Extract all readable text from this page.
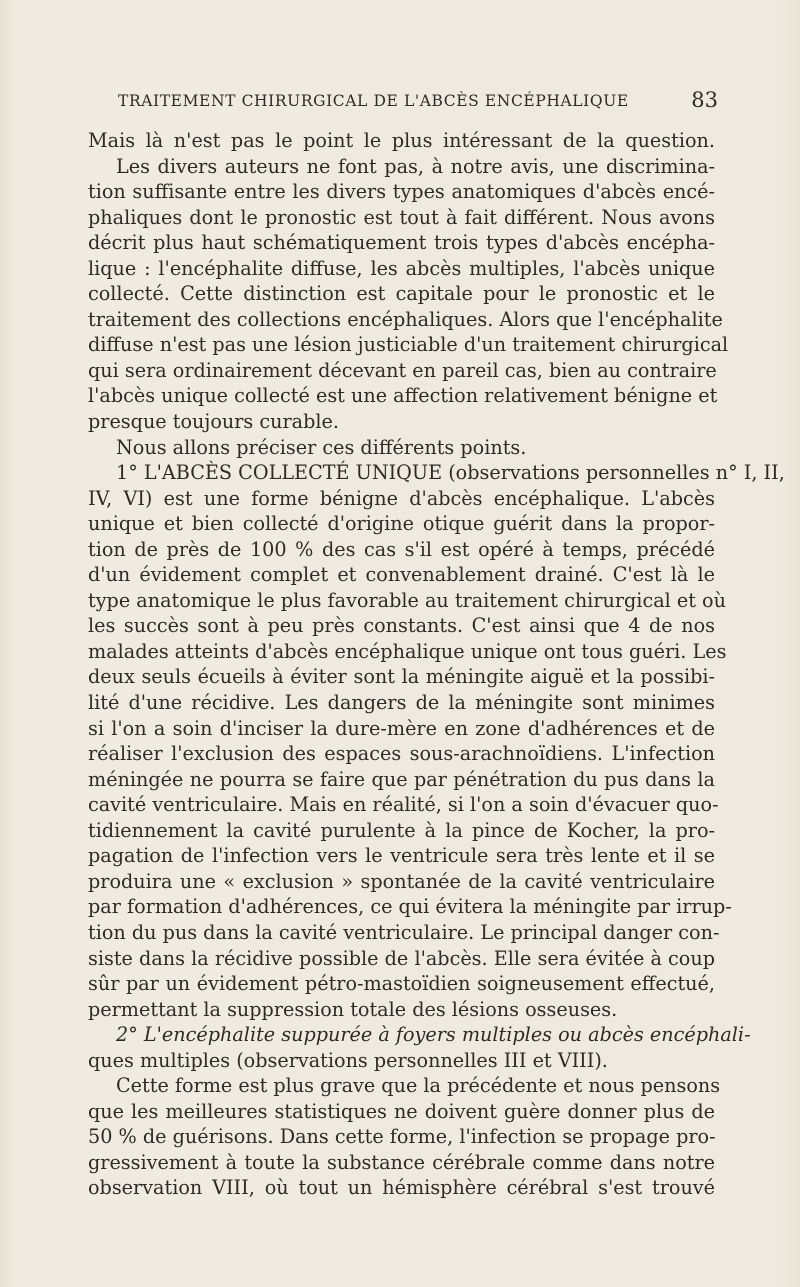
TRAITEMENT CHIRURGICAL DE L'ABCÈS ENCÉPHALIQUE	83
Mais là n'est pas le point le plus intéressant de la question.
Les divers auteurs ne font pas, à notre avis, une discrimina-
tion suffisante entre les divers types anatomiques d'abcès encé-
phaliques dont le pronostic est tout à fait différent. Nous avons
décrit plus haut schématiquement trois types d'abcès encépha-
lique : l'encéphalite diffuse, les abcès multiples, l'abcès unique
collecté. Cette distinction est capitale pour le pronostic et le
traitement des collections encéphaliques. Alors que l'encéphalite
diffuse n'est pas une lésion justiciable d'un traitement chirurgical
qui sera ordinairement décevant en pareil cas, bien au contraire
l'abcès unique collecté est une affection relativement bénigne et
presque toujours curable.
Nous allons préciser ces différents points.
1° L'ABCÈS COLLECTÉ UNIQUE (observations personnelles n° I, II,
IV, VI) est une forme bénigne d'abcès encéphalique. L'abcès
unique et bien collecté d'origine otique guérit dans la propor-
tion de près de 100 % des cas s'il est opéré à temps, précédé
d'un évidement complet et convenablement drainé. C'est là le
type anatomique le plus favorable au traitement chirurgical et où
les succès sont à peu près constants. C'est ainsi que 4 de nos
malades atteints d'abcès encéphalique unique ont tous guéri. Les
deux seuls écueils à éviter sont la méningite aiguë et la possibi-
lité d'une récidive. Les dangers de la méningite sont minimes
si l'on a soin d'inciser la dure-mère en zone d'adhérences et de
réaliser l'exclusion des espaces sous-arachnoïdiens. L'infection
méningée ne pourra se faire que par pénétration du pus dans la
cavité ventriculaire. Mais en réalité, si l'on a soin d'évacuer quo-
tidiennement la cavité purulente à la pince de Kocher, la pro-
pagation de l'infection vers le ventricule sera très lente et il se
produira une « exclusion » spontanée de la cavité ventriculaire
par formation d'adhérences, ce qui évitera la méningite par irrup-
tion du pus dans la cavité ventriculaire. Le principal danger con-
siste dans la récidive possible de l'abcès. Elle sera évitée à coup
sûr par un évidement pétro-mastoïdien soigneusement effectué,
permettant la suppression totale des lésions osseuses.
2° L'encéphalite suppurée à foyers multiples ou abcès encéphali-
ques multiples (observations personnelles III et VIII).
Cette forme est plus grave que la précédente et nous pensons
que les meilleures statistiques ne doivent guère donner plus de
50 % de guérisons. Dans cette forme, l'infection se propage pro-
gressivement à toute la substance cérébrale comme dans notre
observation VIII, où tout un hémisphère cérébral s'est trouvé
